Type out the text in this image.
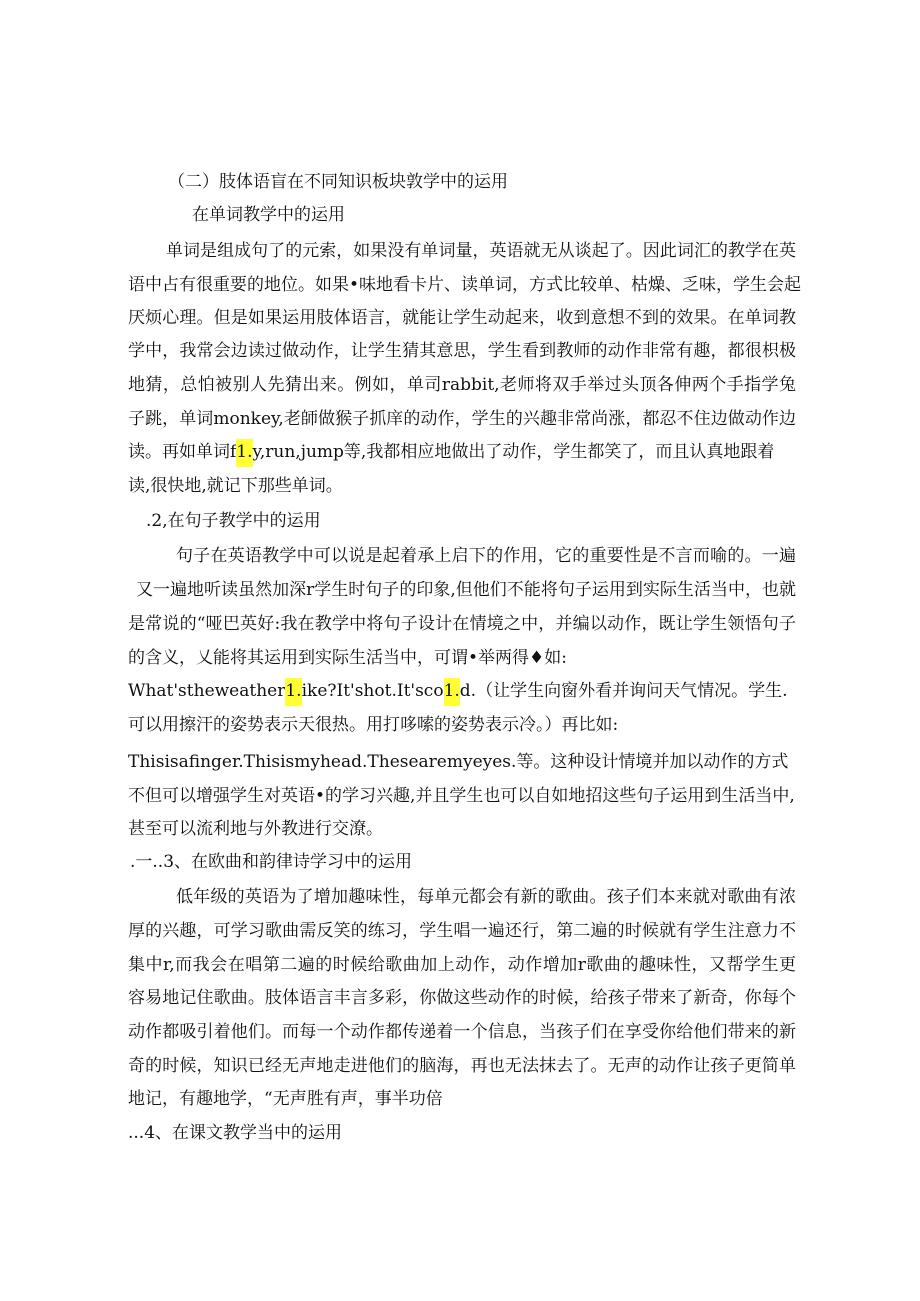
（二）肢体语盲在不同知识板块敦学中的运用
在单词教学中的运用
单词是组成句了的元索，如果没有单词量，英语就无从谈起了。因此词汇的教学在英
语中占有很重要的地位。如果•味地看卡片、读单词，方式比较单、枯燥、乏味，学生会起
厌烦心理。但是如果运用肢体语言，就能让学生动起来，收到意想不到的效果。在单词教
学中，我常会边读过做动作，让学生猜其意思，学生看到教师的动作非常有趣，都很枳极
地猜，总怕被别人先猜出来。例如，单司rabbit,老师将双手举过头顶各伸两个手指学兔
子跳，单词monkey,老師做猴子抓庠的动作，学生的兴趣非常尚涨，都忍不住边做动作边
读。再如单词f1.y,run,jump等,我都相应地做出了动作，学生都笑了，而且认真地跟着
读,很快地,就记下那些单词。
.2,在句子教学中的运用
句子在英语教学中可以说是起着承上启下的作用，它的重要性是不言而喻的。一遍
又一遍地听读虽然加深r学生时句子的印象,但他们不能将句子运用到实际生活当中，也就
是常说的“哑巴英好:我在教学中将句子设计在情境之中，并编以动作，既让学生领悟句子
的含义，乂能将其运用到实际生活当中，可谓•举两得♦如:
What'stheweather1.ike?It'shot.It'sco1.d.（让学生向窗外看并询问天气情况。学生.
可以用擦汗的姿势表示天很热。用打哆嗦的姿势表示冷。）再比如:
Thisisafinger.Thisismyhead.Thesearemyeyes.等。这种设计情境并加以动作的方式
不但可以增强学生对英语•的学习兴趣,并且学生也可以自如地招这些句子运用到生活当中,
甚至可以流利地与外教进行交潦。
.一..3、在欧曲和韵律诗学习中的运用
低年级的英语为了增加趣味性，每单元都会有新的歌曲。孩子们本来就对歌曲有浓
厚的兴趣，可学习歌曲需反笑的练习，学生唱一遍还行，第二遍的时候就有学生注意力不
集中r,而我会在唱第二遍的时候给歌曲加上动作，动作增加r歌曲的趣味性，又帮学生更
容易地记住歌曲。肢体语言丰言多彩，你做这些动作的时候，给孩子带来了新奇，你每个
动作都吸引着他们。而每一个动作都传递着一个信息，当孩子们在享受你给他们带来的新
奇的时候，知识已经无声地走进他们的脑海，再也无法抹去了。无声的动作让孩子更简单
地记，有趣地学，“无声胜有声，事半功倍
...4、在课文教学当中的运用
